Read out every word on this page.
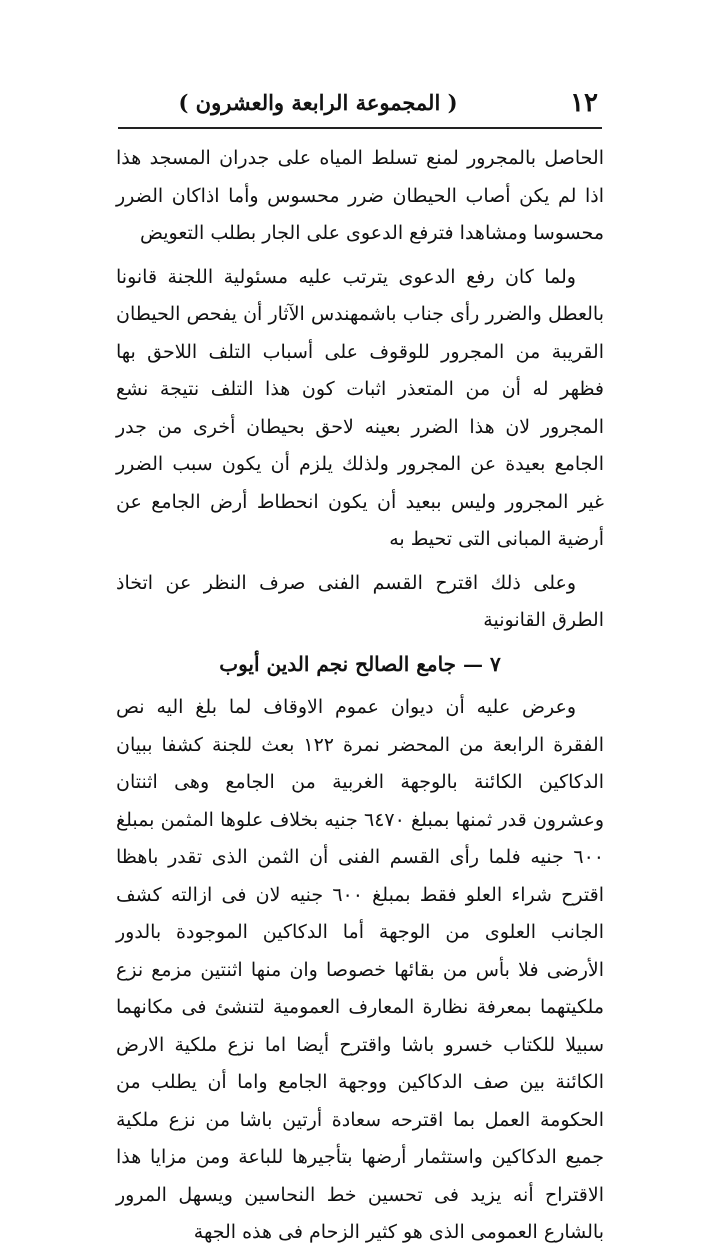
١٢
( المجموعة الرابعة والعشرون )

الحاصل بالمجرور لمنع تسلط المياه على جدران المسجد هذا اذا لم يكن أصاب الحيطان ضرر محسوس وأما اذاكان الضرر محسوسا ومشاهدا فترفع الدعوى على الجار بطلب التعويض

ولما كان رفع الدعوى يترتب عليه مسئولية اللجنة قانونا بالعطل والضرر رأى جناب باشمهندس الآثار أن يفحص الحيطان القريبة من المجرور للوقوف على أسباب التلف اللاحق بها فظهر له أن من المتعذر اثبات كون هذا التلف نتيجة نشع المجرور لان هذا الضرر بعينه لاحق بحيطان أخرى من جدر الجامع بعيدة عن المجرور ولذلك يلزم أن يكون سبب الضرر غير المجرور وليس ببعيد أن يكون انحطاط أرض الجامع عن أرضية المبانى التى تحيط به

وعلى ذلك اقترح القسم الفنى صرف النظر عن اتخاذ الطرق القانونية

٧ — جامع الصالح نجم الدين أيوب

وعرض عليه أن ديوان عموم الاوقاف لما بلغ اليه نص الفقرة الرابعة من المحضر نمرة ١٢٢ بعث للجنة كشفا ببيان الدكاكين الكائنة بالوجهة الغربية من الجامع وهى اثنتان وعشرون قدر ثمنها بمبلغ ٦٤٧٠ جنيه بخلاف علوها المثمن بمبلغ ٦٠٠ جنيه فلما رأى القسم الفنى أن الثمن الذى تقدر باهظا اقترح شراء العلو فقط بمبلغ ٦٠٠ جنيه لان فى ازالته كشف الجانب العلوى من الوجهة أما الدكاكين الموجودة بالدور الأرضى فلا بأس من بقائها خصوصا وان منها اثنتين مزمع نزع ملكيتهما بمعرفة نظارة المعارف العمومية لتنشئ فى مكانهما سبيلا للكتاب خسرو باشا واقترح أيضا اما نزع ملكية الارض الكائنة بين صف الدكاكين ووجهة الجامع واما أن يطلب من الحكومة العمل بما اقترحه سعادة أرتين باشا من نزع ملكية جميع الدكاكين واستثمار أرضها بتأجيرها للباعة ومن مزايا هذا الاقتراح أنه يزيد فى تحسين خط النحاسين ويسهل المرور بالشارع العمومى الذى هو كثير الزحام فى هذه الجهة
